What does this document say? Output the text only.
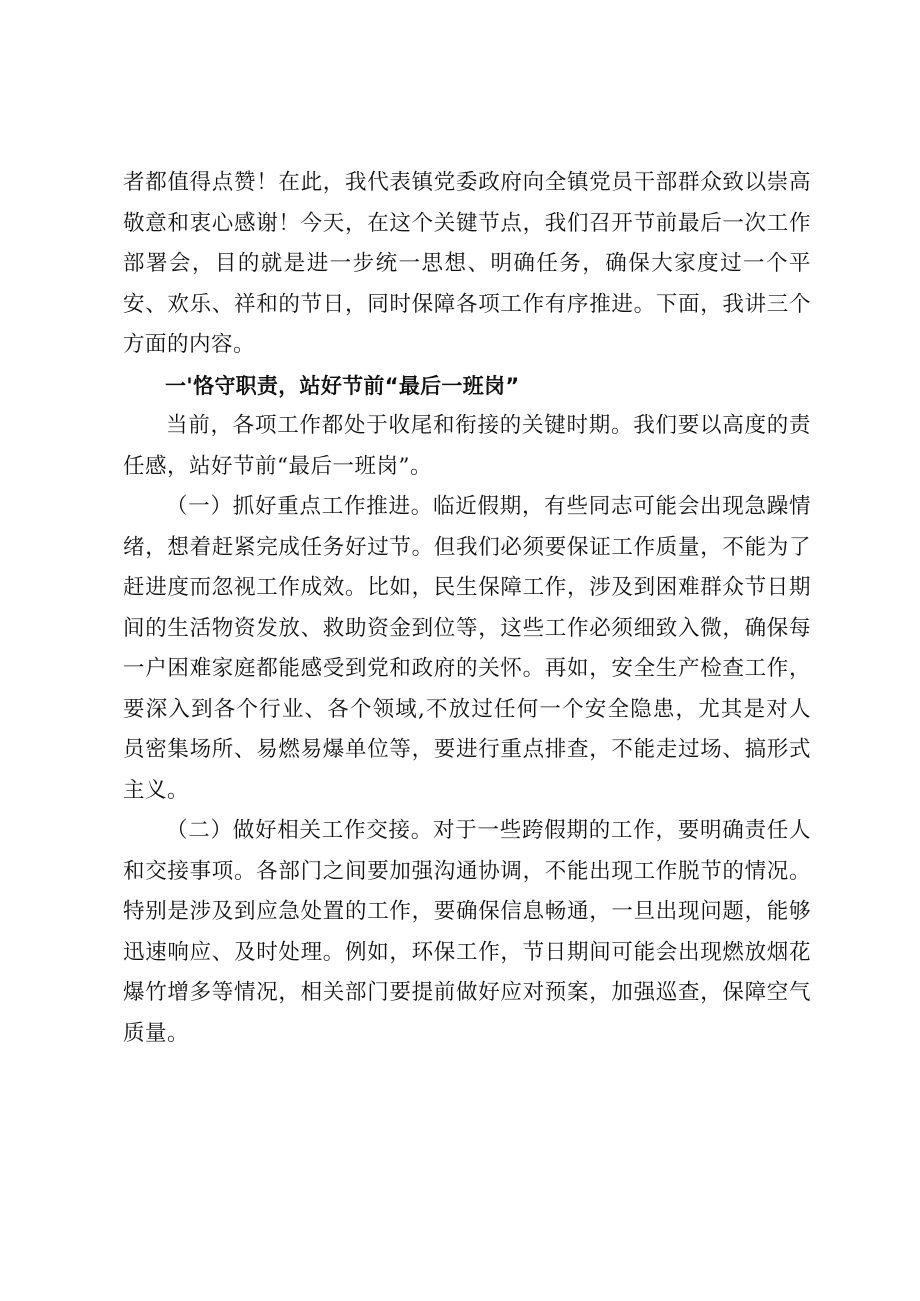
者都值得点赞！在此，我代表镇党委政府向全镇党员干部群众致以崇高敬意和衷心感谢！今天，在这个关键节点，我们召开节前最后一次工作部署会，目的就是进一步统一思想、明确任务，确保大家度过一个平安、欢乐、祥和的节日，同时保障各项工作有序推进。下面，我讲三个方面的内容。

一'恪守职责，站好节前“最后一班岗”

当前，各项工作都处于收尾和衔接的关键时期。我们要以高度的责任感，站好节前“最后一班岗”。

（一）抓好重点工作推进。临近假期，有些同志可能会出现急躁情绪，想着赶紧完成任务好过节。但我们必须要保证工作质量，不能为了赶进度而忽视工作成效。比如，民生保障工作，涉及到困难群众节日期间的生活物资发放、救助资金到位等，这些工作必须细致入微，确保每一户困难家庭都能感受到党和政府的关怀。再如，安全生产检查工作，要深入到各个行业、各个领域,不放过任何一个安全隐患，尤其是对人员密集场所、易燃易爆单位等，要进行重点排查，不能走过场、搞形式主义。

（二）做好相关工作交接。对于一些跨假期的工作，要明确责任人和交接事项。各部门之间要加强沟通协调，不能出现工作脱节的情况。特别是涉及到应急处置的工作，要确保信息畅通，一旦出现问题，能够迅速响应、及时处理。例如，环保工作，节日期间可能会出现燃放烟花爆竹增多等情况，相关部门要提前做好应对预案，加强巡查，保障空气质量。
